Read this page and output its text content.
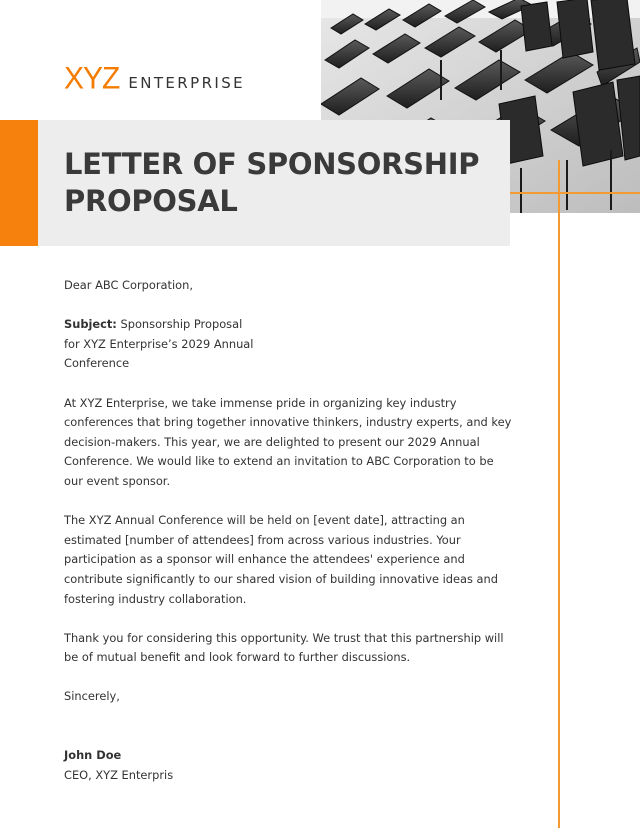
XYZ ENTERPRISE
LETTER OF SPONSORSHIP PROPOSAL

Dear ABC Corporation,

Subject: Sponsorship Proposal for XYZ Enterprise’s 2029 Annual Conference

At XYZ Enterprise, we take immense pride in organizing key industry conferences that bring together innovative thinkers, industry experts, and key decision-makers. This year, we are delighted to present our 2029 Annual Conference. We would like to extend an invitation to ABC Corporation to be our event sponsor.

The XYZ Annual Conference will be held on [event date], attracting an estimated [number of attendees] from across various industries. Your participation as a sponsor will enhance the attendees' experience and contribute significantly to our shared vision of building innovative ideas and fostering industry collaboration.

Thank you for considering this opportunity. We trust that this partnership will be of mutual benefit and look forward to further discussions.

Sincerely,

John Doe

CEO, XYZ Enterpris
